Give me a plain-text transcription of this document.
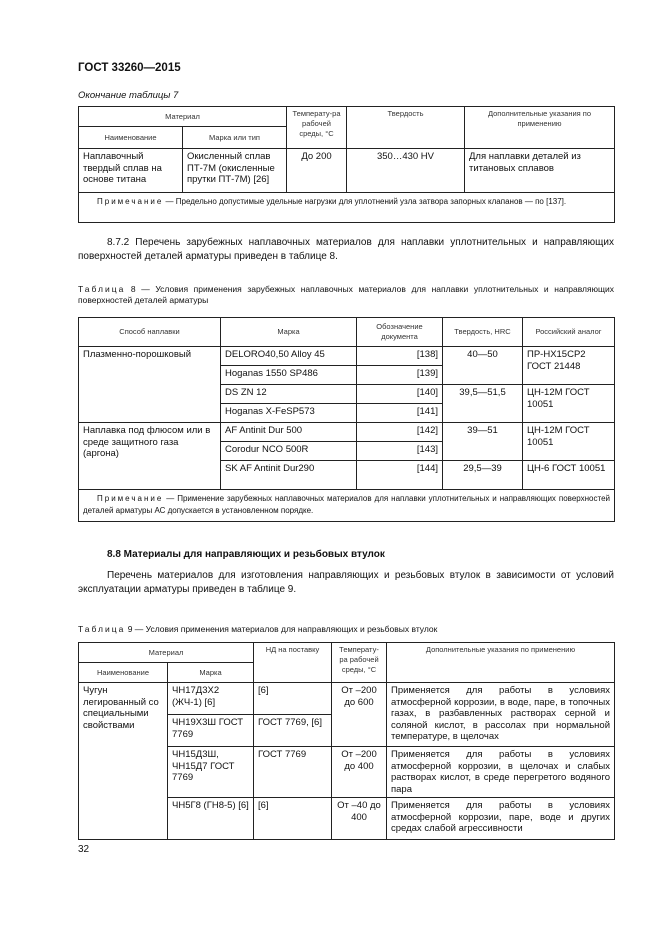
ГОСТ 33260—2015
Окончание таблицы 7
Материал		Температу-ра рабочей среды, °С	Твердость	Дополнительные указания по применению
Наименование	Марка или тип			
Наплавочный твердый сплав на основе титана	Окисленный сплав ПТ-7М (окисленные прутки ПТ-7М) [26]	До 200	350…430 HV	Для наплавки деталей из титановых сплавов
Примечание — Предельно допустимые удельные нагрузки для уплотнений узла затвора запорных клапанов — по [137].				
8.7.2 Перечень зарубежных наплавочных материалов для наплавки уплотнительных и направляющих поверхностей деталей арматуры приведен в таблице 8.
Таблица 8 — Условия применения зарубежных наплавочных материалов для наплавки уплотнительных и направляющих поверхностей деталей арматуры
Способ наплавки	Марка	Обозначение документа	Твердость, HRC	Российский аналог
Плазменно-порошковый	DELORO40,50 Alloy 45	[138]	40—50	ПР-НХ15СР2 ГОСТ 21448
	Hoganas 1550 SP486	[139]		
	DS ZN 12	[140]	39,5—51,5	ЦН-12М ГОСТ 10051
	Hoganas X-FeSP573	[141]		
Наплавка под флюсом или в среде защитного газа (аргона)	AF Antinit Dur 500	[142]	39—51	ЦН-12М ГОСТ 10051
	Corodur NCO 500R	[143]		
	SK AF Antinit Dur290	[144]	29,5—39	ЦН-6 ГОСТ 10051
Примечание — Применение зарубежных наплавочных материалов для наплавки уплотнительных и направляющих поверхностей деталей арматуры АС допускается в установленном порядке.				
8.8 Материалы для направляющих и резьбовых втулок
Перечень материалов для изготовления направляющих и резьбовых втулок в зависимости от условий эксплуатации арматуры приведен в таблице 9.
Таблица 9 — Условия применения материалов для направляющих и резьбовых втулок
Материал		НД на поставку	Температу-ра рабочей среды, °С	Дополнительные указания по применению
Наименование	Марка			
Чугун легированный со специальными свойствами	ЧН17Д3Х2 (ЖЧ-1) [6]	[6]	От –200 до 600	Применяется для работы в условиях атмосферной коррозии, в воде, паре, в топочных газах, в разбавленных растворах серной и соляной кислот, в рассолах при нормальной температуре, в щелочах
	ЧН19Х3Ш ГОСТ 7769	ГОСТ 7769, [6]		
	ЧН15Д3Ш, ЧН15Д7 ГОСТ 7769	ГОСТ 7769	От –200 до 400	Применяется для работы в условиях атмосферной коррозии, в щелочах и слабых растворах кислот, в среде перегретого водяного пара
	ЧН5Г8 (ГН8-5) [6]	[6]	От –40 до 400	Применяется для работы в условиях атмосферной коррозии, паре, воде и других средах слабой агрессивности
32
